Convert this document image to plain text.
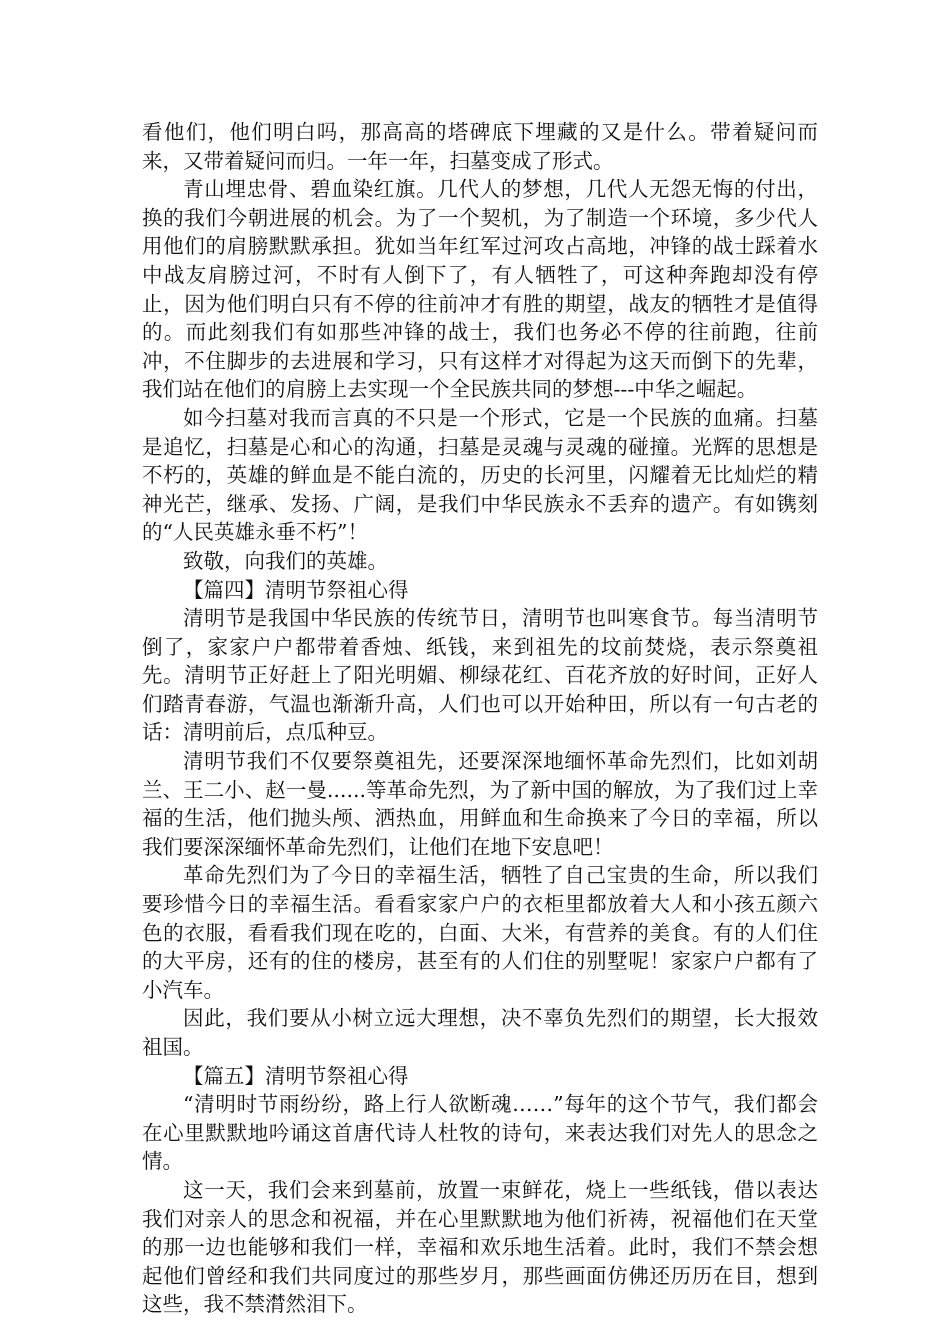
看他们，他们明白吗，那高高的塔碑底下埋藏的又是什么。带着疑问而来，又带着疑问而归。一年一年，扫墓变成了形式。

青山埋忠骨、碧血染红旗。几代人的梦想，几代人无怨无悔的付出，换的我们今朝进展的机会。为了一个契机，为了制造一个环境，多少代人用他们的肩膀默默承担。犹如当年红军过河攻占高地，冲锋的战士踩着水中战友肩膀过河，不时有人倒下了，有人牺牲了，可这种奔跑却没有停止，因为他们明白只有不停的往前冲才有胜的期望，战友的牺牲才是值得的。而此刻我们有如那些冲锋的战士，我们也务必不停的往前跑，往前冲，不住脚步的去进展和学习，只有这样才对得起为这天而倒下的先辈，我们站在他们的肩膀上去实现一个全民族共同的梦想---中华之崛起。

如今扫墓对我而言真的不只是一个形式，它是一个民族的血痛。扫墓是追忆，扫墓是心和心的沟通，扫墓是灵魂与灵魂的碰撞。光辉的思想是不朽的，英雄的鲜血是不能白流的，历史的长河里，闪耀着无比灿烂的精神光芒，继承、发扬、广阔，是我们中华民族永不丢弃的遗产。有如镌刻的“人民英雄永垂不朽”！

致敬，向我们的英雄。

【篇四】清明节祭祖心得

清明节是我国中华民族的传统节日，清明节也叫寒食节。每当清明节倒了，家家户户都带着香烛、纸钱，来到祖先的坟前焚烧，表示祭奠祖先。清明节正好赶上了阳光明媚、柳绿花红、百花齐放的好时间，正好人们踏青春游，气温也渐渐升高，人们也可以开始种田，所以有一句古老的话：清明前后，点瓜种豆。

清明节我们不仅要祭奠祖先，还要深深地缅怀革命先烈们，比如刘胡兰、王二小、赵一曼......等革命先烈，为了新中国的解放，为了我们过上幸福的生活，他们抛头颅、洒热血，用鲜血和生命换来了今日的幸福，所以我们要深深缅怀革命先烈们，让他们在地下安息吧！

革命先烈们为了今日的幸福生活，牺牲了自己宝贵的生命，所以我们要珍惜今日的幸福生活。看看家家户户的衣柜里都放着大人和小孩五颜六色的衣服，看看我们现在吃的，白面、大米，有营养的美食。有的人们住的大平房，还有的住的楼房，甚至有的人们住的别墅呢！家家户户都有了小汽车。

因此，我们要从小树立远大理想，决不辜负先烈们的期望，长大报效祖国。

【篇五】清明节祭祖心得

“清明时节雨纷纷，路上行人欲断魂……”每年的这个节气，我们都会在心里默默地吟诵这首唐代诗人杜牧的诗句，来表达我们对先人的思念之情。

这一天，我们会来到墓前，放置一束鲜花，烧上一些纸钱，借以表达我们对亲人的思念和祝福，并在心里默默地为他们祈祷，祝福他们在天堂的那一边也能够和我们一样，幸福和欢乐地生活着。此时，我们不禁会想起他们曾经和我们共同度过的那些岁月，那些画面仿佛还历历在目，想到这些，我不禁潸然泪下。
